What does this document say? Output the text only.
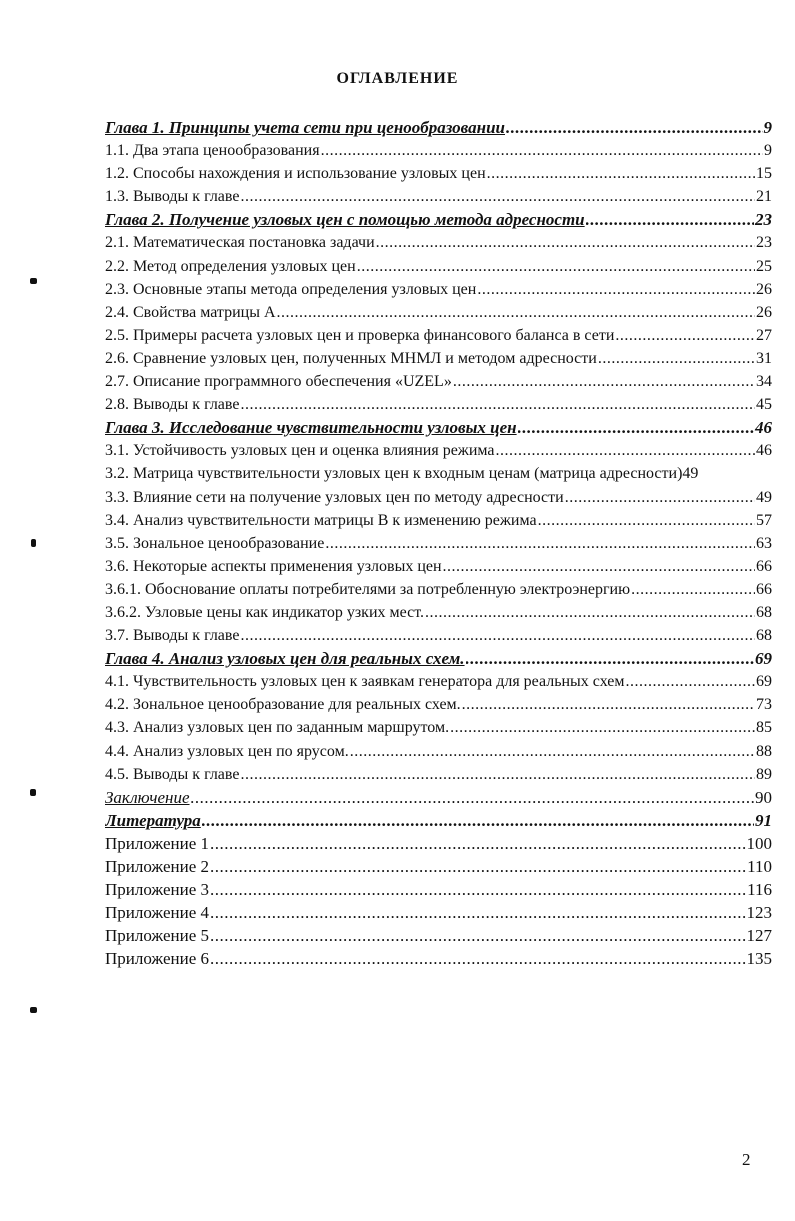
ОГЛАВЛЕНИЕ
Глава 1. Принципы учета сети при ценообразовании .....	9
1.1. Два этапа ценообразования .....	9
1.2. Способы нахождения и использование узловых цен .....	15
1.3. Выводы к главе .....	21
Глава 2. Получение узловых цен с помощью метода адресности .....	23
2.1. Математическая постановка задачи .....	23
2.2. Метод определения узловых цен .....	25
2.3. Основные этапы метода определения узловых цен .....	26
2.4. Свойства матрицы А .....	26
2.5. Примеры расчета узловых цен и проверка финансового баланса в сети .....	27
2.6. Сравнение узловых цен, полученных МНМЛ и методом адресности .....	31
2.7. Описание программного обеспечения «UZEL» .....	34
2.8. Выводы к главе .....	45
Глава 3. Исследование чувствительности узловых цен .....	46
3.1. Устойчивость узловых цен и оценка влияния режима .....	46
3.2. Матрица чувствительности узловых цен к входным ценам (матрица адресности) 49
3.3. Влияние сети на получение узловых цен по методу адресности .....	49
3.4. Анализ чувствительности матрицы B к изменению режима .....	57
3.5. Зональное ценообразование .....	63
3.6. Некоторые аспекты применения узловых цен .....	66
3.6.1. Обоснование оплаты потребителями за потребленную электроэнергию .....	66
3.6.2. Узловые цены как индикатор узких мест. .....	68
3.7. Выводы к главе .....	68
Глава 4. Анализ узловых цен для реальных схем. .....	69
4.1. Чувствительность узловых цен к заявкам генератора для реальных схем .....	69
4.2. Зональное ценообразование для реальных схем. .....	73
4.3. Анализ узловых цен по заданным маршрутом. .....	85
4.4. Анализ узловых цен по ярусом. .....	88
4.5. Выводы к главе .....	89
Заключение .....	90
Литература .....	91
Приложение 1 .....	100
Приложение 2 .....	110
Приложение 3 .....	116
Приложение 4 .....	123
Приложение 5 .....	127
Приложение 6 .....	135
2
